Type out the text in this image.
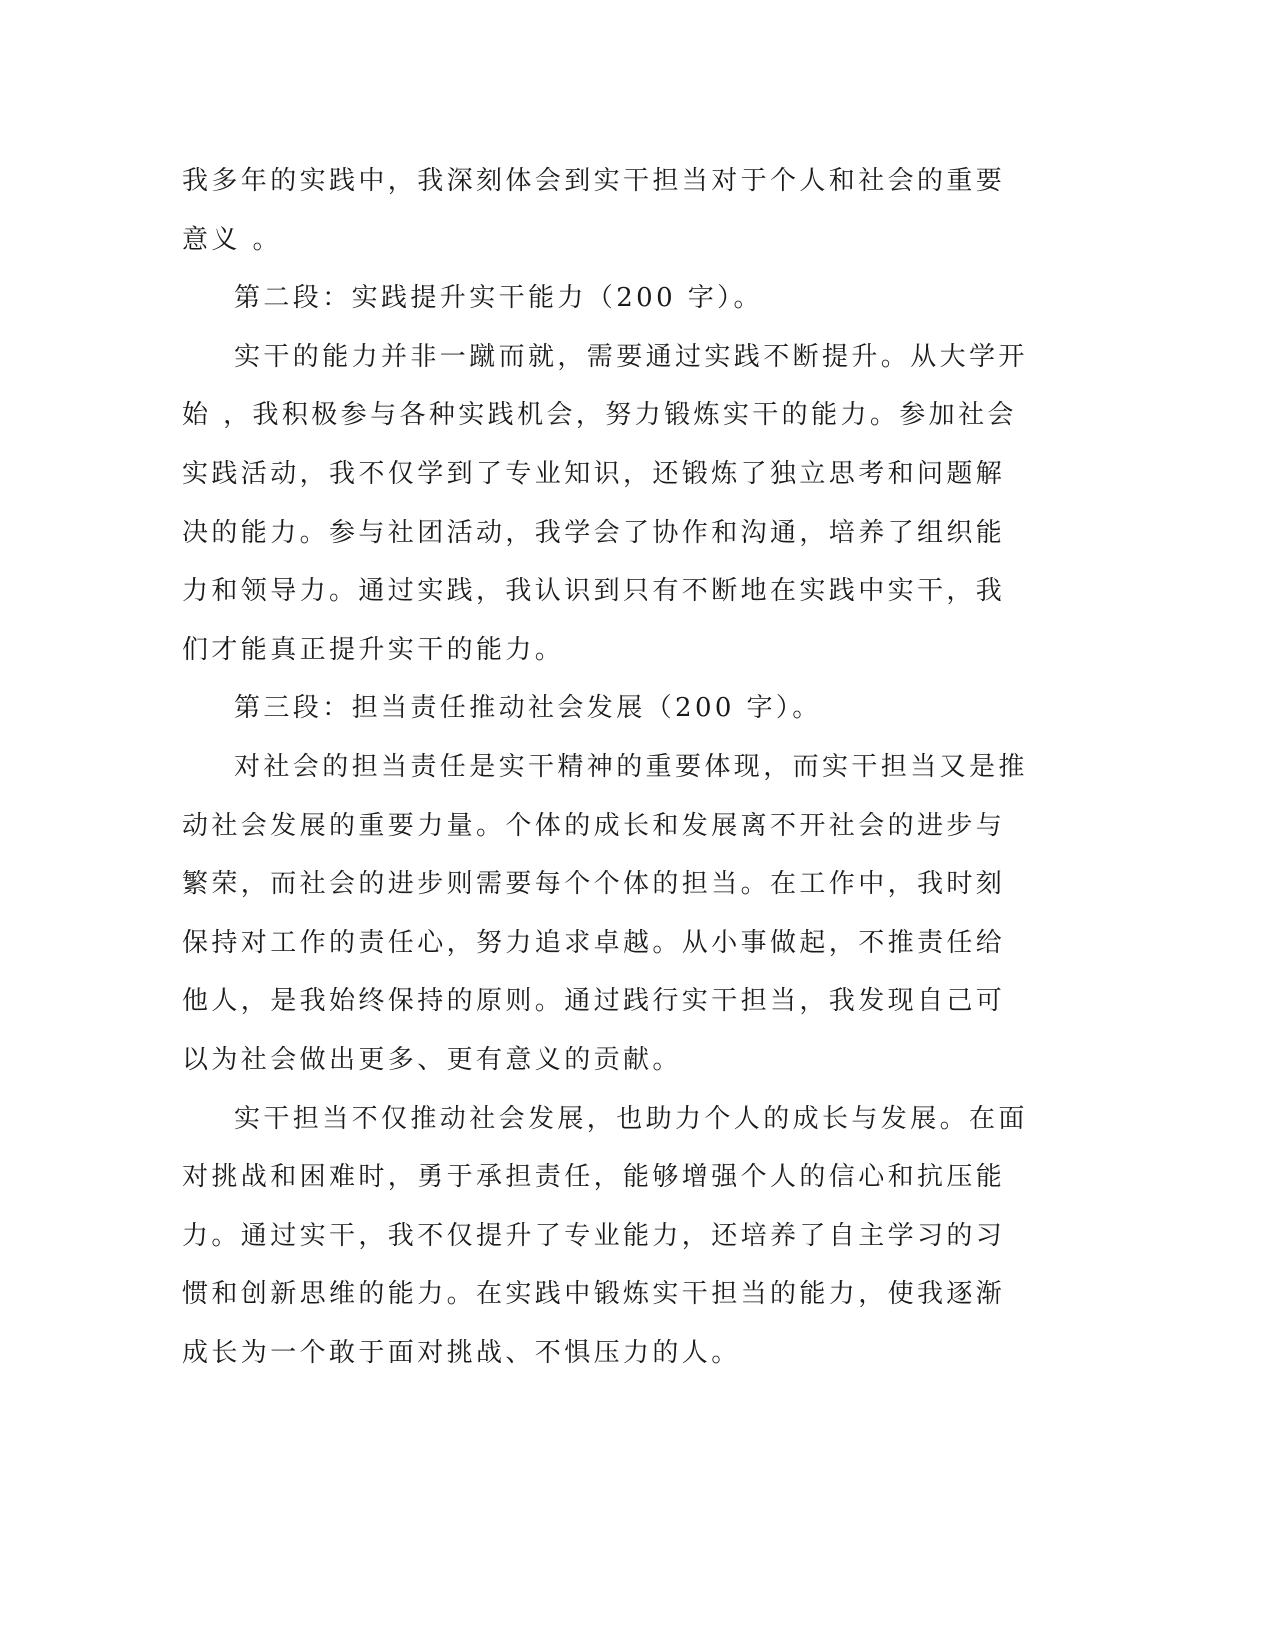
我多年的实践中，我深刻体会到实干担当对于个人和社会的重要意义 。

第二段：实践提升实干能力（200 字）。

实干的能力并非一蹴而就，需要通过实践不断提升。从大学开始 ，我积极参与各种实践机会，努力锻炼实干的能力。参加社会实践活动，我不仅学到了专业知识，还锻炼了独立思考和问题解决的能力。参与社团活动，我学会了协作和沟通，培养了组织能力和领导力。通过实践，我认识到只有不断地在实践中实干，我们才能真正提升实干的能力。

第三段：担当责任推动社会发展（200 字）。

对社会的担当责任是实干精神的重要体现，而实干担当又是推动社会发展的重要力量。个体的成长和发展离不开社会的进步与繁荣，而社会的进步则需要每个个体的担当。在工作中，我时刻保持对工作的责任心，努力追求卓越。从小事做起，不推责任给他人，是我始终保持的原则。通过践行实干担当，我发现自己可以为社会做出更多、更有意义的贡献。

实干担当不仅推动社会发展，也助力个人的成长与发展。在面对挑战和困难时，勇于承担责任，能够增强个人的信心和抗压能力。通过实干，我不仅提升了专业能力，还培养了自主学习的习惯和创新思维的能力。在实践中锻炼实干担当的能力，使我逐渐成长为一个敢于面对挑战、不惧压力的人。
